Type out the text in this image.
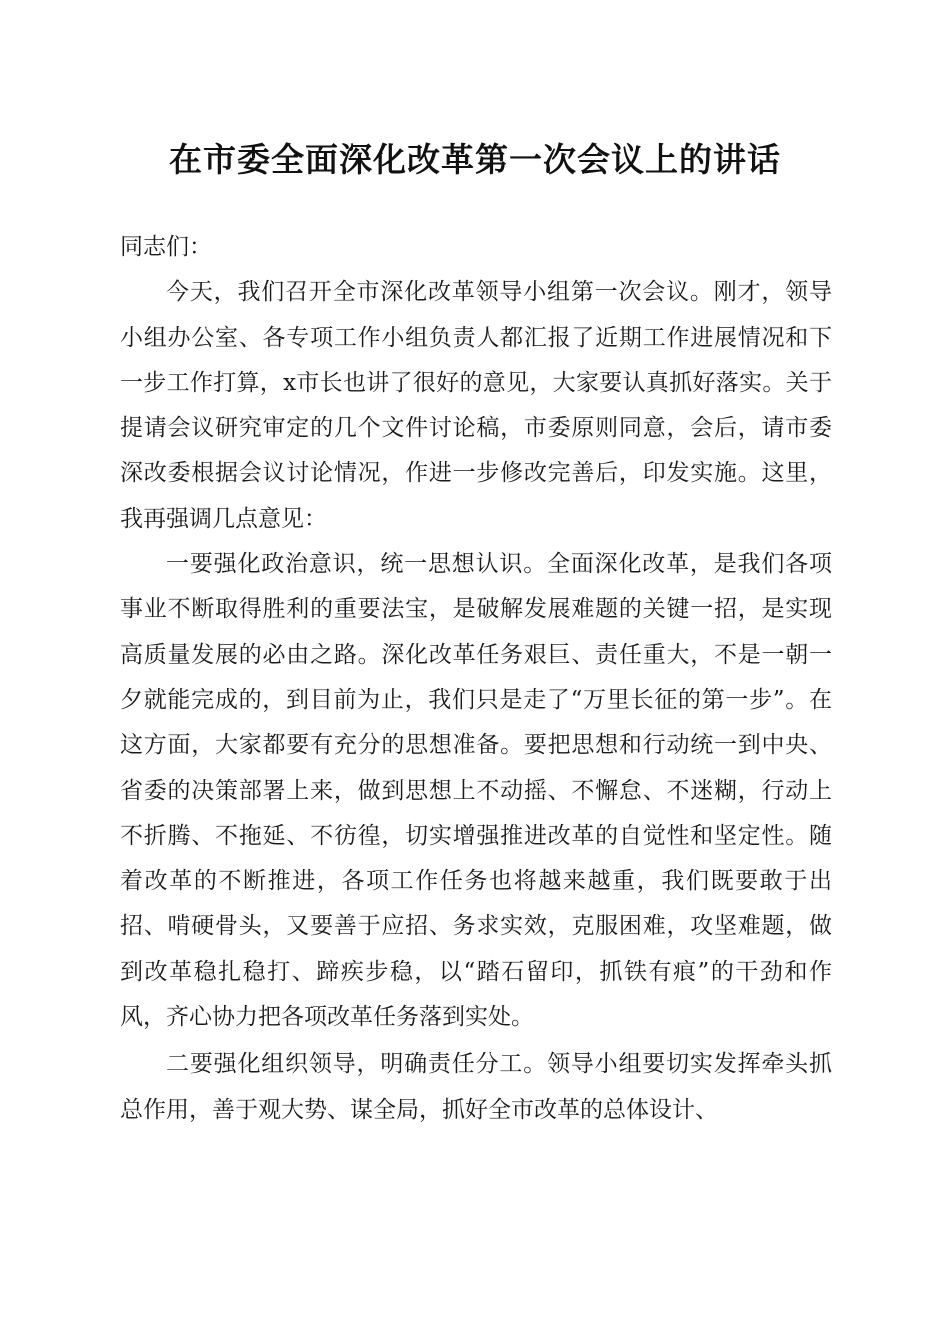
在市委全面深化改革第一次会议上的讲话

同志们：

今天，我们召开全市深化改革领导小组第一次会议。刚才，领导小组办公室、各专项工作小组负责人都汇报了近期工作进展情况和下一步工作打算，x市长也讲了很好的意见，大家要认真抓好落实。关于提请会议研究审定的几个文件讨论稿，市委原则同意，会后，请市委深改委根据会议讨论情况，作进一步修改完善后，印发实施。这里，我再强调几点意见：

一要强化政治意识，统一思想认识。全面深化改革，是我们各项事业不断取得胜利的重要法宝，是破解发展难题的关键一招，是实现高质量发展的必由之路。深化改革任务艰巨、责任重大，不是一朝一夕就能完成的，到目前为止，我们只是走了“万里长征的第一步”。在这方面，大家都要有充分的思想准备。要把思想和行动统一到中央、省委的决策部署上来，做到思想上不动摇、不懈怠、不迷糊，行动上不折腾、不拖延、不彷徨，切实增强推进改革的自觉性和坚定性。随着改革的不断推进，各项工作任务也将越来越重，我们既要敢于出招、啃硬骨头，又要善于应招、务求实效，克服困难，攻坚难题，做到改革稳扎稳打、蹄疾步稳，以“踏石留印，抓铁有痕”的干劲和作风，齐心协力把各项改革任务落到实处。

二要强化组织领导，明确责任分工。领导小组要切实发挥牵头抓总作用，善于观大势、谋全局，抓好全市改革的总体设计、
